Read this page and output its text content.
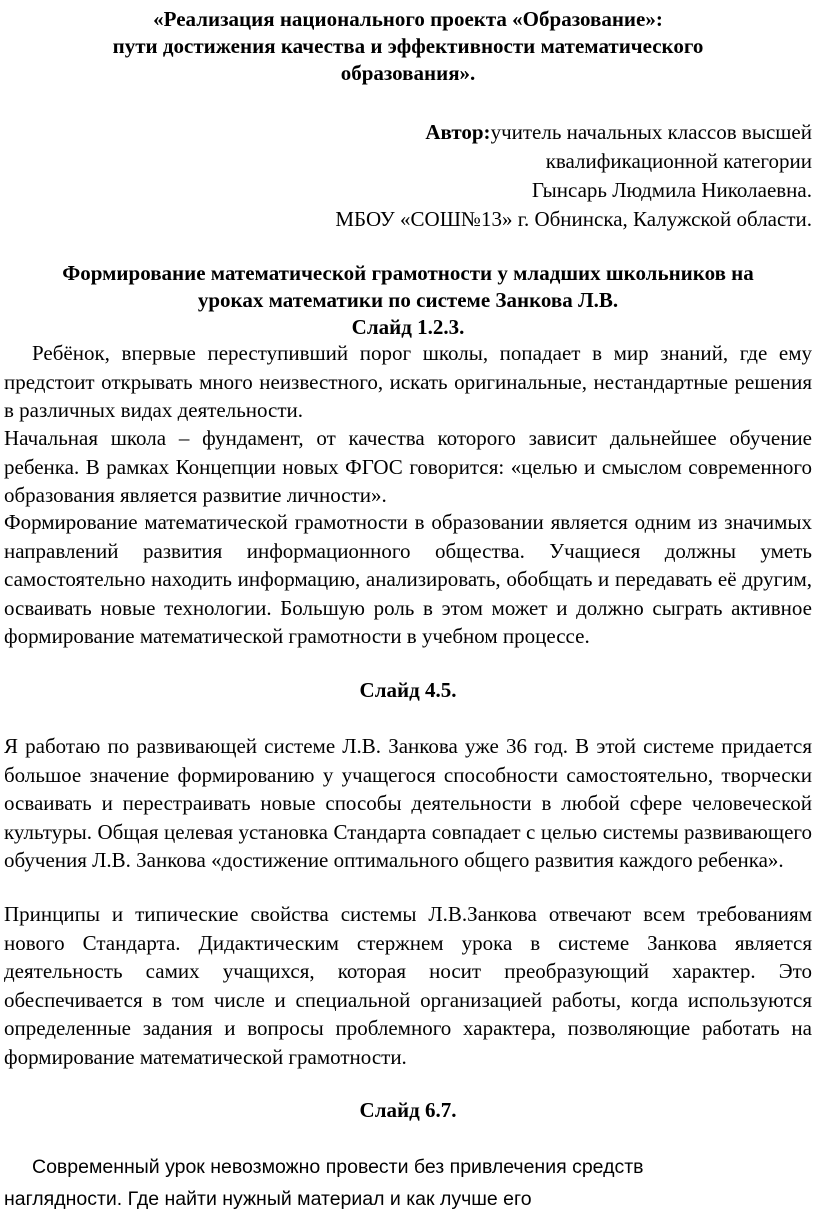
«Реализация национального проекта «Образование»:
пути достижения качества и эффективности математического
образования».
Автор:учитель начальных классов высшей
квалификационной категории
Гынсарь Людмила Николаевна.
МБОУ «СОШ№13» г. Обнинска, Калужской области.
Формирование математической грамотности у младших школьников на
уроках математики по системе Занкова Л.В.
Слайд 1.2.3.
Ребёнок, впервые переступивший порог школы, попадает в мир знаний, где ему предстоит открывать много неизвестного, искать оригинальные, нестандартные решения в различных видах деятельности.
Начальная школа – фундамент, от качества которого зависит дальнейшее обучение ребенка. В рамках Концепции новых ФГОС говорится: «целью и смыслом современного образования является развитие личности».
Формирование математической грамотности в образовании является одним из значимых направлений развития информационного общества. Учащиеся должны уметь самостоятельно находить информацию, анализировать, обобщать и передавать её другим, осваивать новые технологии. Большую роль в этом может и должно сыграть активное формирование математической грамотности в учебном процессе.
Слайд 4.5.
Я работаю по развивающей системе Л.В. Занкова уже 36 год. В этой системе придается большое значение формированию у учащегося способности самостоятельно, творчески осваивать и перестраивать новые способы деятельности в любой сфере человеческой культуры. Общая целевая установка Стандарта совпадает с целью системы развивающего обучения Л.В. Занкова «достижение оптимального общего развития каждого ребенка».
Принципы и типические свойства системы Л.В.Занкова отвечают всем требованиям нового Стандарта. Дидактическим стержнем урока в системе Занкова является деятельность самих учащихся, которая носит преобразующий характер. Это обеспечивается в том числе и специальной организацией работы, когда используются определенные задания и вопросы проблемного характера, позволяющие работать на формирование математической грамотности.
Слайд 6.7.
Современный урок невозможно провести без привлечения средств
наглядности. Где найти нужный материал и как лучше его
